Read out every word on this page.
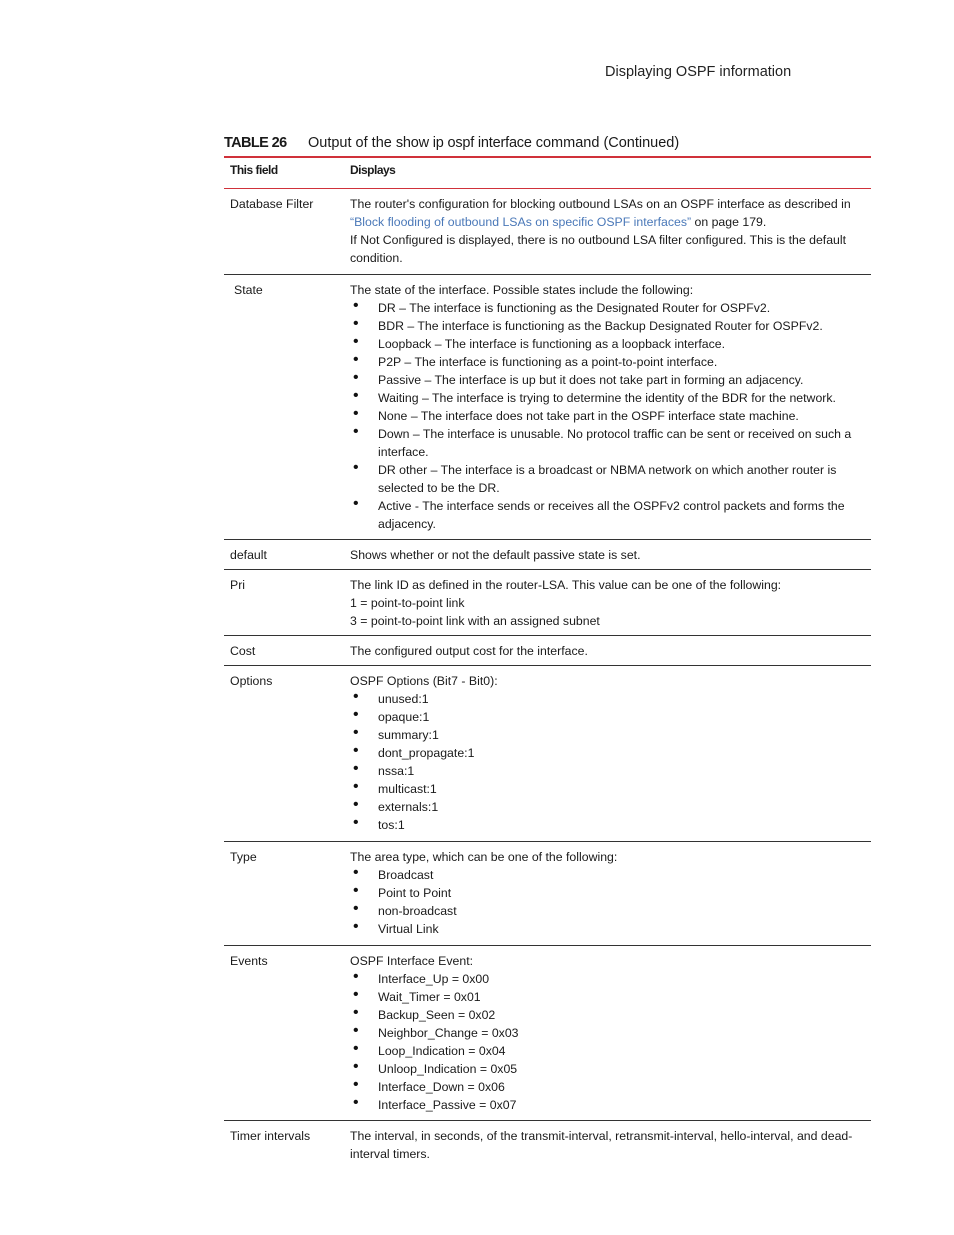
Displaying OSPF information
TABLE 26 Output of the show ip ospf interface command (Continued)
This field	Displays
Database Filter	The router's configuration for blocking outbound LSAs on an OSPF interface as described in “Block flooding of outbound LSAs on specific OSPF interfaces” on page 179.

If Not Configured is displayed, there is no outbound LSA filter configured. This is the default condition.

State	The state of the interface. Possible states include the following:

• DR – The interface is functioning as the Designated Router for OSPFv2.
• BDR – The interface is functioning as the Backup Designated Router for OSPFv2.
• Loopback – The interface is functioning as a loopback interface.
• P2P – The interface is functioning as a point-to-point interface.
• Passive – The interface is up but it does not take part in forming an adjacency.
• Waiting – The interface is trying to determine the identity of the BDR for the network.
• None – The interface does not take part in the OSPF interface state machine.
• Down – The interface is unusable. No protocol traffic can be sent or received on such a interface.
• DR other – The interface is a broadcast or NBMA network on which another router is selected to be the DR.
• Active - The interface sends or receives all the OSPFv2 control packets and forms the adjacency.
default	Shows whether or not the default passive state is set.
Pri	The link ID as defined in the router-LSA. This value can be one of the following:

1 = point-to-point link

3 = point-to-point link with an assigned subnet

Cost	The configured output cost for the interface.
Options	OSPF Options (Bit7 - Bit0):

• unused:1
• opaque:1
• summary:1
• dont_propagate:1
• nssa:1
• multicast:1
• externals:1
• tos:1
Type	The area type, which can be one of the following:

• Broadcast
• Point to Point
• non-broadcast
• Virtual Link
Events	OSPF Interface Event:

• Interface_Up = 0x00
• Wait_Timer = 0x01
• Backup_Seen = 0x02
• Neighbor_Change = 0x03
• Loop_Indication = 0x04
• Unloop_Indication = 0x05
• Interface_Down = 0x06
• Interface_Passive = 0x07
Timer intervals	The interval, in seconds, of the transmit-interval, retransmit-interval, hello-interval, and dead-interval timers.
